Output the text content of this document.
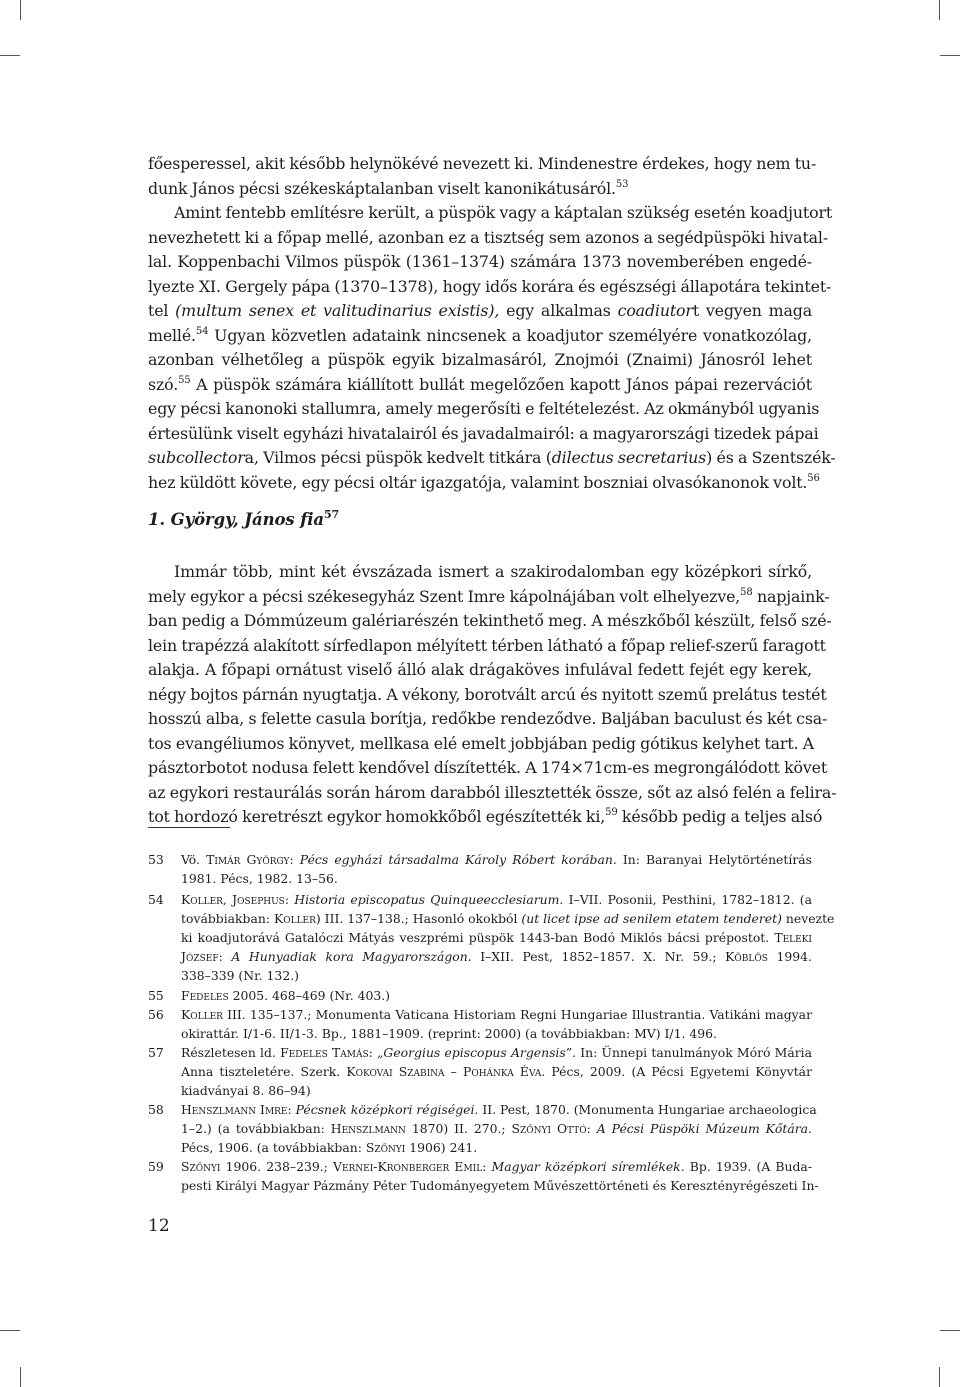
főesperessel, akit később helynökévé nevezett ki. Mindenestre érdekes, hogy nem tu-
dunk János pécsi székeskáptalanban viselt kanonikátusáról.$^{53}$
Amint fentebb említésre került, a püspök vagy a káptalan szükség esetén koadjutort
nevezhetett ki a főpap mellé, azonban ez a tisztség sem azonos a segédpüspöki hivatal-
lal. Koppenbachi Vilmos püspök (1361–1374) számára 1373 novemberében engedé-
lyezte XI. Gergely pápa (1370–1378), hogy idős korára és egészségi állapotára tekintet-
tel (multum senex et valitudinarius existis), egy alkalmas coadiutort vegyen maga
mellé.$^{54}$ Ugyan közvetlen adataink nincsenek a koadjutor személyére vonatkozólag,
azonban vélhetőleg a püspök egyik bizalmasáról, Znojmói (Znaimi) Jánosról lehet
szó.$^{55}$ A püspök számára kiállított bullát megelőzően kapott János pápai rezervációt
egy pécsi kanonoki stallumra, amely megerősíti e feltételezést. Az okmányból ugyanis
értesülünk viselt egyházi hivatalairól és javadalmairól: a magyarországi tizedek pápai
subcollectora, Vilmos pécsi püspök kedvelt titkára (dilectus secretarius) és a Szentszék-
hez küldött követe, egy pécsi oltár igazgatója, valamint boszniai olvasókanonok volt.$^{56}$
1. György, János fia$^{57}$
Immár több, mint két évszázada ismert a szakirodalomban egy középkori sírkő,
mely egykor a pécsi székesegyház Szent Imre kápolnájában volt elhelyezve,$^{58}$ napjaink-
ban pedig a Dómmúzeum galériarészén tekinthető meg. A mészkőből készült, felső szé-
lein trapézzá alakított sírfedlapon mélyített térben látható a főpap relief-szerű faragott
alakja. A főpapi ornátust viselő álló alak drágaköves infulával fedett fejét egy kerek,
négy bojtos párnán nyugtatja. A vékony, borotvált arcú és nyitott szemű prelátus testét
hosszú alba, s felette casula borítja, redőkbe rendeződve. Baljában baculust és két csa-
tos evangéliumos könyvet, mellkasa elé emelt jobbjában pedig gótikus kelyhet tart. A
pásztorbotot nodusa felett kendővel díszítették. A 174×71cm-es megrongálódott követ
az egykori restaurálás során három darabból illesztették össze, sőt az alsó felén a felira-
tot hordozó keretrészt egykor homokkőből egészítették ki,$^{59}$ később pedig a teljes alsó
53	Vö. Timár György: Pécs egyházi társadalma Károly Róbert korában. In: Baranyai Helytörténetírás
1981. Pécs, 1982. 13–56.
54	Koller, Josephus: Historia episcopatus Quinqueecclesiarum. I–VII. Posonii, Pesthini, 1782–1812. (a
továbbiakban: Koller) III. 137–138.; Hasonló okokból (ut licet ipse ad senilem etatem tenderet) nevezte
ki koadjutorává Gatalóczi Mátyás veszprémi püspök 1443-ban Bodó Miklós bácsi prépostot. Teleki
József: A Hunyadiak kora Magyarországon. I–XII. Pest, 1852–1857. X. Nr. 59.; Köblös 1994.
338–339 (Nr. 132.)
55	Fedeles 2005. 468–469 (Nr. 403.)
56	Koller III. 135–137.; Monumenta Vaticana Historiam Regni Hungariae Illustrantia. Vatikáni magyar
okirattár. I/1-6. II/1-3. Bp., 1881–1909. (reprint: 2000) (a továbbiakban: MV) I/1. 496.
57	Részletesen ld. Fedeles Tamás: „Georgius episcopus Argensis”. In: Ünnepi tanulmányok Móró Mária
Anna tiszteletére. Szerk. Kokovai Szabina – Pohánka Éva. Pécs, 2009. (A Pécsi Egyetemi Könyvtár
kiadványai 8. 86–94)
58	Henszlmann Imre: Pécsnek középkori régiségei. II. Pest, 1870. (Monumenta Hungariae archaeologica
1–2.) (a továbbiakban: Henszlmann 1870) II. 270.; Szőnyi Ottó: A Pécsi Püspöki Múzeum Kőtára.
Pécs, 1906. (a továbbiakban: Szőnyi 1906) 241.
59	Szőnyi 1906. 238–239.; Vernei-Kronberger Emil: Magyar középkori síremlékek. Bp. 1939. (A Buda-
pesti Királyi Magyar Pázmány Péter Tudományegyetem Művészettörténeti és Keresztényrégészeti In-
12
